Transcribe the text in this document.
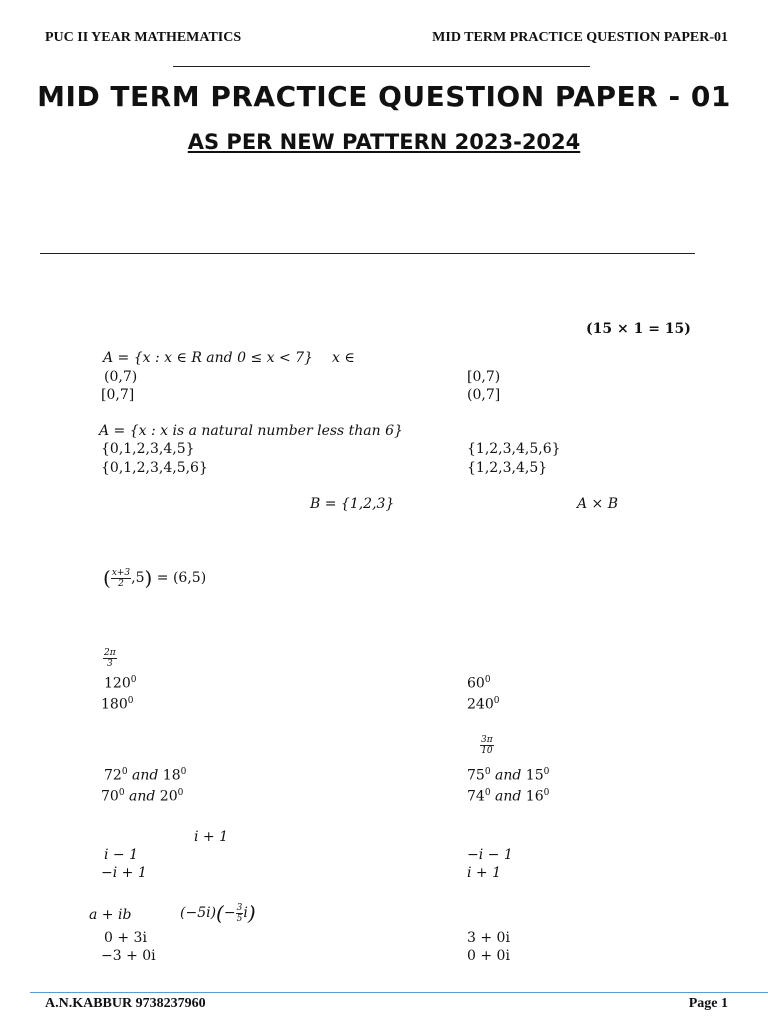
PUC II YEAR MATHEMATICS	MID TERM PRACTICE QUESTION PAPER-01
MID TERM PRACTICE QUESTION PAPER - 01
AS PER NEW PATTERN 2023-2024
(15 × 1 = 15)
A = {x : x ∈ R and 0 ≤ x < 7} x ∈
(0,7)	[0,7)
[0,7]	(0,7]
A = {x : x is a natural number less than 6}
{0,1,2,3,4,5}	{1,2,3,4,5,6}
{0,1,2,3,4,5,6}	{1,2,3,4,5}
B = {1,2,3}	A × B
( $\frac{x+3}{2} ,5) = (6,5)$
$\frac{2\pi}{3}$
$120^0$	$60^0$
$180^0$	$240^0$
$\frac{3\pi}{10}$
$72^0$ and $18^0$	$75^0$ and $15^0$
$70^0$ and $20^0$	$74^0$ and $16^0$
i + 1
i − 1	−i − 1
−i + 1	i + 1
a + ib	$(-5i)(- \frac{3}{5} i)$
0 + 3i	3 + 0i
−3 + 0i	0 + 0i
A.N.KABBUR 9738237960	Page 1
